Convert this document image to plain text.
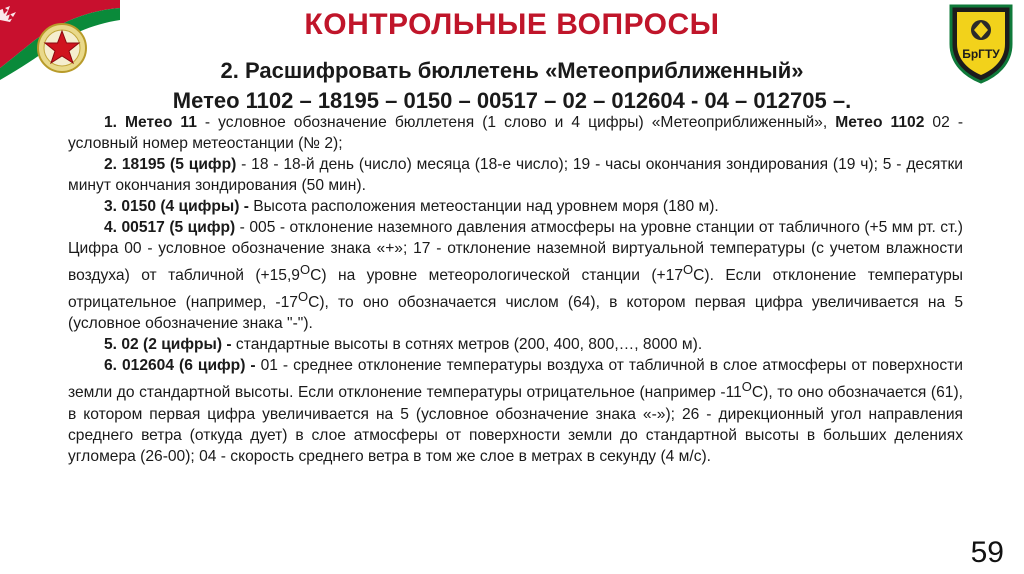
КОНТРОЛЬНЫЕ ВОПРОСЫ
БрГТУ
2. Расшифровать бюллетень «Метеоприближенный»
Метео 1102 – 18195 – 0150 – 00517 – 02 – 012604 - 04 – 012705 –.

1. Метео 11 - условное обозначение бюллетеня (1 слово и 4 цифры) «Метеоприближенный», Метео 1102 02 - условный номер метеостанции (№ 2);

2. 18195 (5 цифр) - 18 - 18-й день (число) месяца (18-е число); 19 - часы окончания зондирования (19 ч); 5 - десятки минут окончания зондирования (50 мин).

3. 0150 (4 цифры) - Высота расположения метеостанции над уровнем моря (180 м).

4. 00517 (5 цифр) - 005 - отклонение наземного давления атмосферы на уровне станции от табличного (+5 мм рт. ст.) Цифра 00 - условное обозначение знака «+»; 17 - отклонение наземной виртуальной температуры (с учетом влажности воздуха) от табличной $(+15,9^OС)$ на уровне метеорологической станции $(+17^OС)$. Если отклонение температуры отрицательное (например, $-17^OС$), то оно обозначается числом (64), в котором первая цифра увеличивается на 5 (условное обозначение знака "-").

5. 02 (2 цифры) - стандартные высоты в сотнях метров (200, 400, 800,…, 8000 м).

6. 012604 (6 цифр) - 01 - среднее отклонение температуры воздуха от табличной в слое атмосферы от поверхности земли до стандартной высоты. Если отклонение температуры отрицательное (например $-11^OС$), то оно обозначается (61), в котором первая цифра увеличивается на 5 (условное обозначение знака «-»); 26 - дирекционный угол направления среднего ветра (откуда дует) в слое атмосферы от поверхности земли до стандартной высоты в больших делениях угломера (26-00); 04 - скорость среднего ветра в том же слое в метрах в секунду (4 м/с).

59
